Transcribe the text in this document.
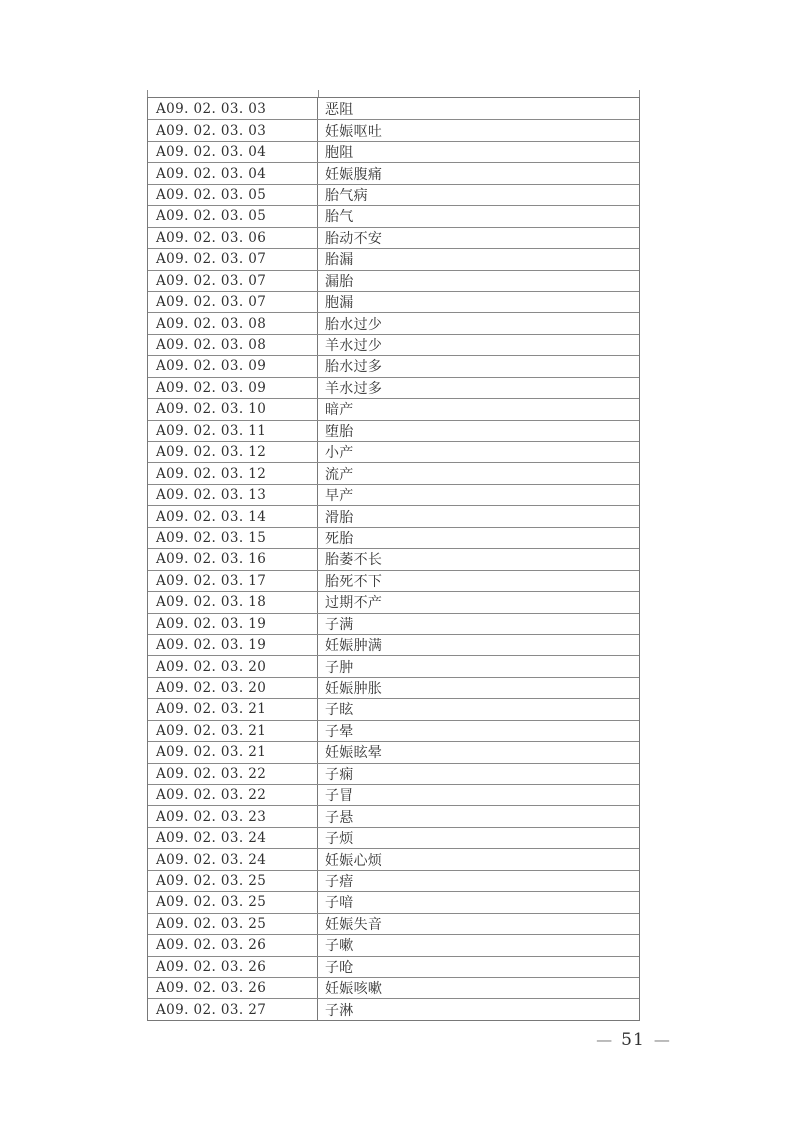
A09. 02. 03. 03	恶阻
A09. 02. 03. 03	妊娠呕吐
A09. 02. 03. 04	胞阻
A09. 02. 03. 04	妊娠腹痛
A09. 02. 03. 05	胎气病
A09. 02. 03. 05	胎气
A09. 02. 03. 06	胎动不安
A09. 02. 03. 07	胎漏
A09. 02. 03. 07	漏胎
A09. 02. 03. 07	胞漏
A09. 02. 03. 08	胎水过少
A09. 02. 03. 08	羊水过少
A09. 02. 03. 09	胎水过多
A09. 02. 03. 09	羊水过多
A09. 02. 03. 10	暗产
A09. 02. 03. 11	堕胎
A09. 02. 03. 12	小产
A09. 02. 03. 12	流产
A09. 02. 03. 13	早产
A09. 02. 03. 14	滑胎
A09. 02. 03. 15	死胎
A09. 02. 03. 16	胎萎不长
A09. 02. 03. 17	胎死不下
A09. 02. 03. 18	过期不产
A09. 02. 03. 19	子满
A09. 02. 03. 19	妊娠肿满
A09. 02. 03. 20	子肿
A09. 02. 03. 20	妊娠肿胀
A09. 02. 03. 21	子眩
A09. 02. 03. 21	子晕
A09. 02. 03. 21	妊娠眩晕
A09. 02. 03. 22	子痫
A09. 02. 03. 22	子冒
A09. 02. 03. 23	子悬
A09. 02. 03. 24	子烦
A09. 02. 03. 24	妊娠心烦
A09. 02. 03. 25	子瘖
A09. 02. 03. 25	子喑
A09. 02. 03. 25	妊娠失音
A09. 02. 03. 26	子嗽
A09. 02. 03. 26	子呛
A09. 02. 03. 26	妊娠咳嗽
A09. 02. 03. 27	子淋
— 51 —
